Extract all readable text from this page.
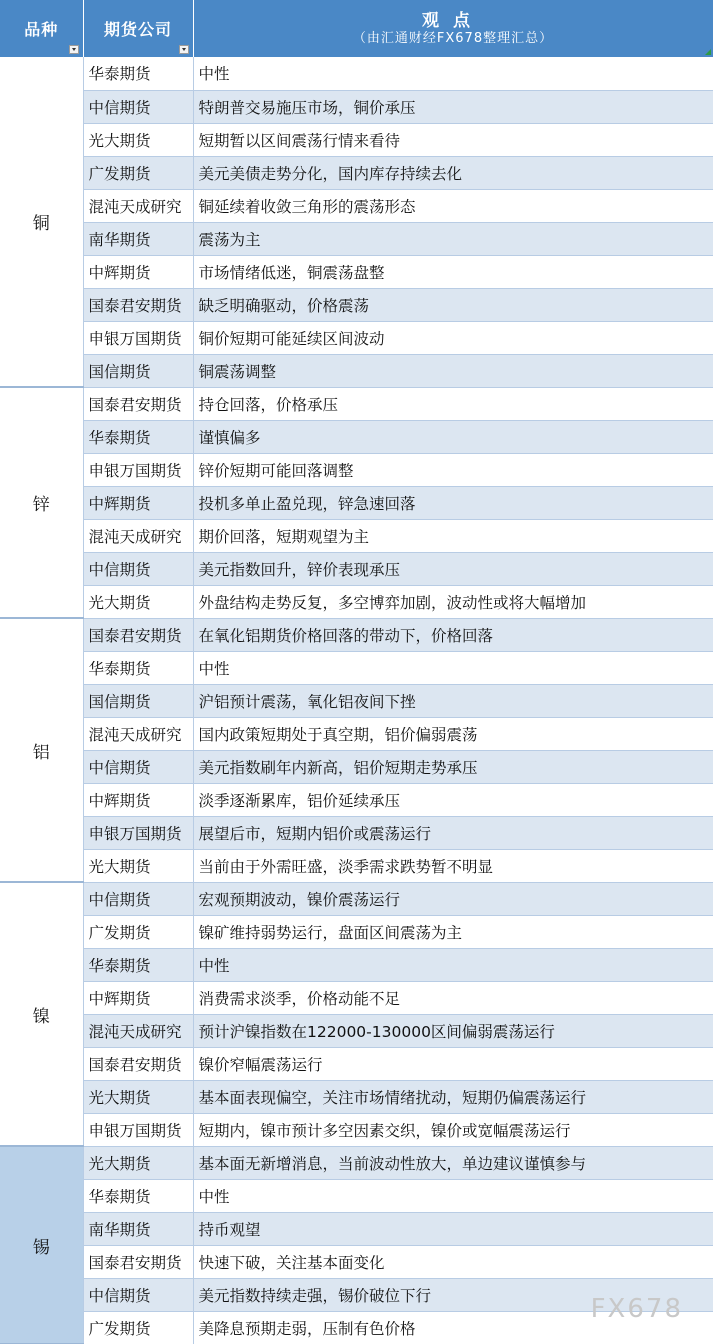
品种	期货公司	观点
（由汇通财经FX678整理汇总）

铜	华泰期货	中性
	中信期货	特朗普交易施压市场，铜价承压
	光大期货	短期暂以区间震荡行情来看待
	广发期货	美元美债走势分化，国内库存持续去化
	混沌天成研究	铜延续着收敛三角形的震荡形态
	南华期货	震荡为主
	中辉期货	市场情绪低迷，铜震荡盘整
	国泰君安期货	缺乏明确驱动，价格震荡
	申银万国期货	铜价短期可能延续区间波动
	国信期货	铜震荡调整
锌	国泰君安期货	持仓回落，价格承压
	华泰期货	谨慎偏多
	申银万国期货	锌价短期可能回落调整
	中辉期货	投机多单止盈兑现，锌急速回落
	混沌天成研究	期价回落，短期观望为主
	中信期货	美元指数回升，锌价表现承压
	光大期货	外盘结构走势反复，多空博弈加剧，波动性或将大幅增加
铝	国泰君安期货	在氧化铝期货价格回落的带动下，价格回落
	华泰期货	中性
	国信期货	沪铝预计震荡，氧化铝夜间下挫
	混沌天成研究	国内政策短期处于真空期，铝价偏弱震荡
	中信期货	美元指数刷年内新高，铝价短期走势承压
	中辉期货	淡季逐渐累库，铝价延续承压
	申银万国期货	展望后市，短期内铝价或震荡运行
	光大期货	当前由于外需旺盛，淡季需求跌势暂不明显
镍	中信期货	宏观预期波动，镍价震荡运行
	广发期货	镍矿维持弱势运行，盘面区间震荡为主
	华泰期货	中性
	中辉期货	消费需求淡季，价格动能不足
	混沌天成研究	预计沪镍指数在122000-130000区间偏弱震荡运行
	国泰君安期货	镍价窄幅震荡运行
	光大期货	基本面表现偏空，关注市场情绪扰动，短期仍偏震荡运行
	申银万国期货	短期内，镍市预计多空因素交织，镍价或宽幅震荡运行
锡	光大期货	基本面无新增消息，当前波动性放大，单边建议谨慎参与
	华泰期货	中性
	南华期货	持币观望
	国泰君安期货	快速下破，关注基本面变化
	中信期货	美元指数持续走强，锡价破位下行
	广发期货	美降息预期走弱，压制有色价格
FX678
